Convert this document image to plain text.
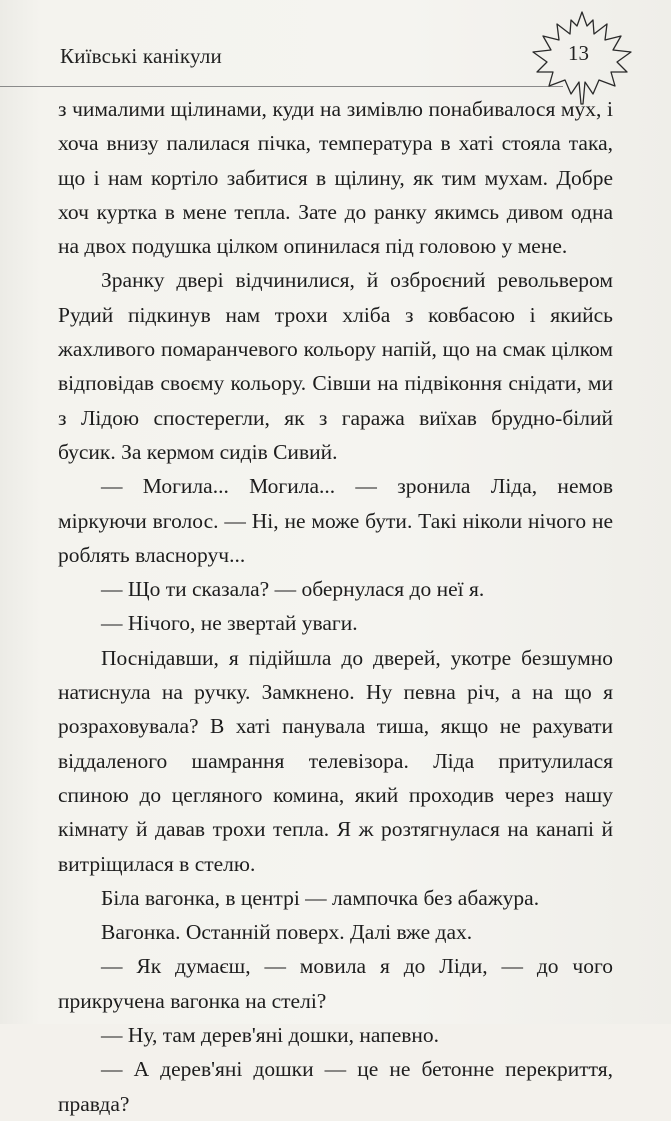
Київські канікули	13

з чималими щілинами, куди на зимівлю понабивалося мух, і хоча внизу палилася пічка, температура в хаті стояла така, що і нам кортіло забитися в щілину, як тим мухам. Добре хоч куртка в мене тепла. Зате до ранку якимсь дивом одна на двох подушка цілком опинилася під головою у мене.

Зранку двері відчинилися, й озброєний револьвером Рудий підкинув нам трохи хліба з ковбасою і якийсь жахливого помаранчевого кольору напій, що на смак цілком відповідав своєму кольору. Сівши на підвіконня снідати, ми з Лідою спостерегли, як з гаража виїхав брудно-білий бусик. За кермом сидів Сивий.

— Могила... Могила... — зронила Ліда, немов міркуючи вголос. — Ні, не може бути. Такі ніколи нічого не роблять власноруч...

— Що ти сказала? — обернулася до неї я.

— Нічого, не звертай уваги.

Поснідавши, я підійшла до дверей, укотре безшумно натиснула на ручку. Замкнено. Ну певна річ, а на що я розраховувала? В хаті панувала тиша, якщо не рахувати віддаленого шамрання телевізора. Ліда притулилася спиною до цегляного комина, який проходив через нашу кімнату й давав трохи тепла. Я ж розтягнулася на канапі й витріщилася в стелю.

Біла вагонка, в центрі — лампочка без абажура.

Вагонка. Останній поверх. Далі вже дах.

— Як думаєш, — мовила я до Ліди, — до чого прикручена вагонка на стелі?

— Ну, там дерев'яні дошки, напевно.

— А дерев'яні дошки — це не бетонне перекриття, правда?
